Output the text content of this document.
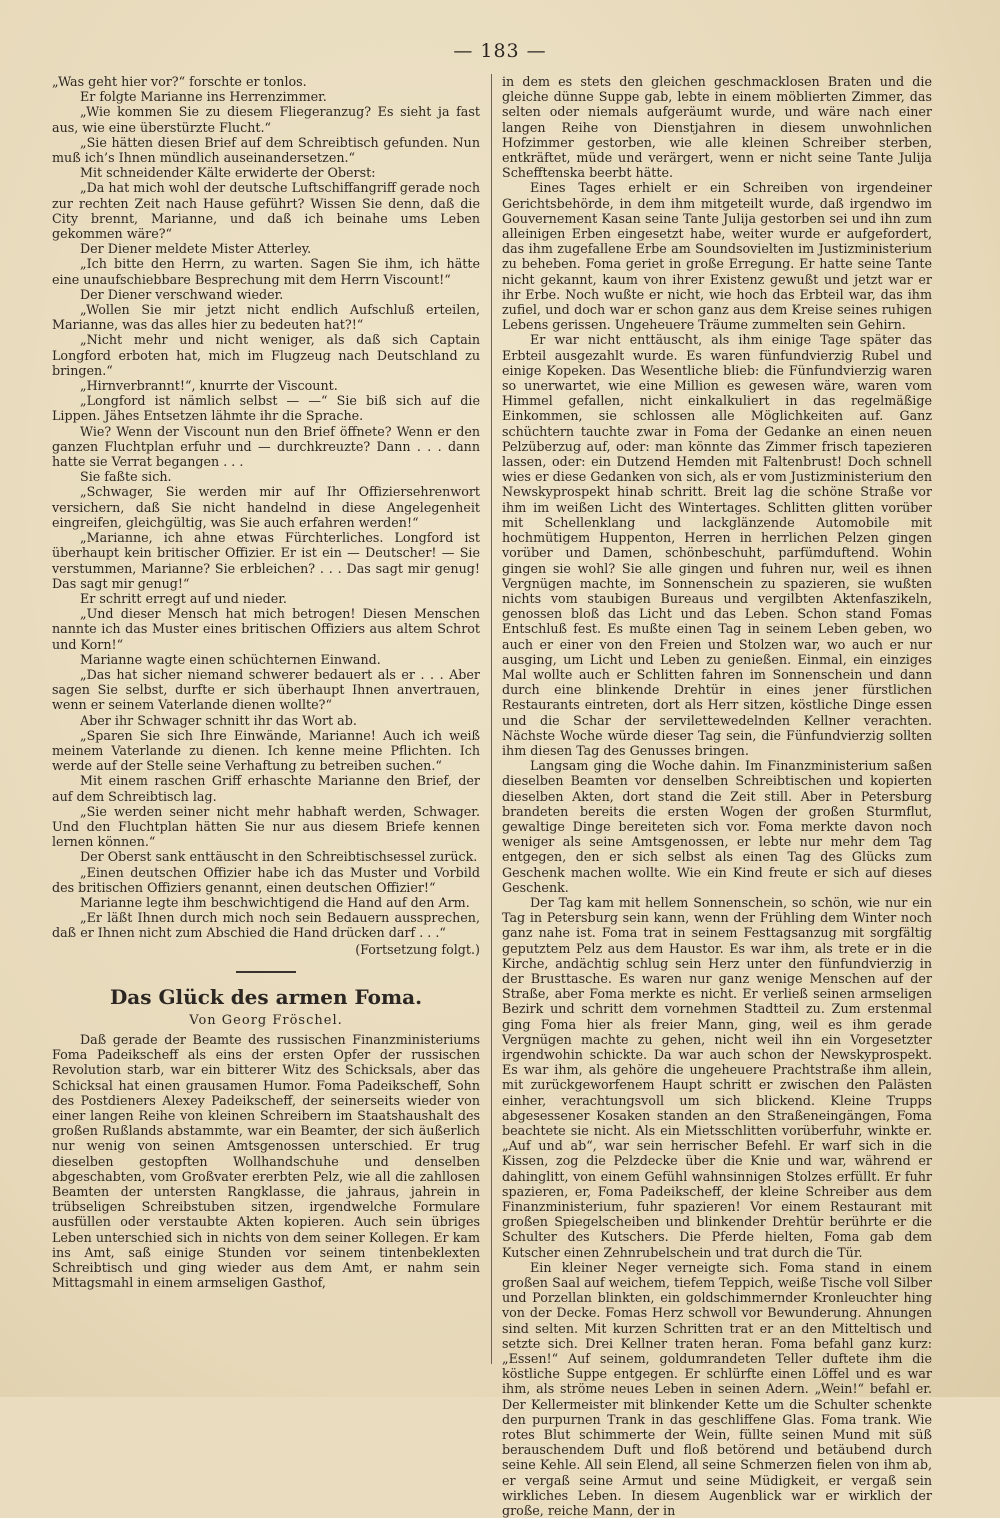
— 183 —

„Was geht hier vor?“ forschte er tonlos.

Er folgte Marianne ins Herrenzimmer.

„Wie kommen Sie zu diesem Fliegeranzug? Es sieht ja fast aus, wie eine überstürzte Flucht.“

„Sie hätten diesen Brief auf dem Schreibtisch gefunden. Nun muß ich’s Ihnen mündlich auseinandersetzen.“

Mit schneidender Kälte erwiderte der Oberst:

„Da hat mich wohl der deutsche Luftschiffangriff gerade noch zur rechten Zeit nach Hause geführt? Wissen Sie denn, daß die City brennt, Marianne, und daß ich beinahe ums Leben gekommen wäre?“

Der Diener meldete Mister Atterley.

„Ich bitte den Herrn, zu warten. Sagen Sie ihm, ich hätte eine unaufschiebbare Besprechung mit dem Herrn Viscount!“

Der Diener verschwand wieder.

„Wollen Sie mir jetzt nicht endlich Aufschluß erteilen, Marianne, was das alles hier zu bedeuten hat?!“

„Nicht mehr und nicht weniger, als daß sich Captain Longford erboten hat, mich im Flugzeug nach Deutschland zu bringen.“

„Hirnverbrannt!“, knurrte der Viscount.

„Longford ist nämlich selbst — —“ Sie biß sich auf die Lippen. Jähes Entsetzen lähmte ihr die Sprache.

Wie? Wenn der Viscount nun den Brief öffnete? Wenn er den ganzen Fluchtplan erfuhr und — durchkreuzte? Dann . . . dann hatte sie Verrat begangen . . .

Sie faßte sich.

„Schwager, Sie werden mir auf Ihr Offiziersehrenwort versichern, daß Sie nicht handelnd in diese Angelegenheit eingreifen, gleichgültig, was Sie auch erfahren werden!“

„Marianne, ich ahne etwas Fürchterliches. Longford ist überhaupt kein britischer Offizier. Er ist ein — Deutscher! — Sie verstummen, Marianne? Sie erbleichen? . . . Das sagt mir genug! Das sagt mir genug!“

Er schritt erregt auf und nieder.

„Und dieser Mensch hat mich betrogen! Diesen Menschen nannte ich das Muster eines britischen Offiziers aus altem Schrot und Korn!“

Marianne wagte einen schüchternen Einwand.

„Das hat sicher niemand schwerer bedauert als er . . . Aber sagen Sie selbst, durfte er sich überhaupt Ihnen anvertrauen, wenn er seinem Vaterlande dienen wollte?“

Aber ihr Schwager schnitt ihr das Wort ab.

„Sparen Sie sich Ihre Einwände, Marianne! Auch ich weiß meinem Vaterlande zu dienen. Ich kenne meine Pflichten. Ich werde auf der Stelle seine Verhaftung zu betreiben suchen.“

Mit einem raschen Griff erhaschte Marianne den Brief, der auf dem Schreibtisch lag.

„Sie werden seiner nicht mehr habhaft werden, Schwager. Und den Fluchtplan hätten Sie nur aus diesem Briefe kennen lernen können.“

Der Oberst sank enttäuscht in den Schreibtischsessel zurück.

„Einen deutschen Offizier habe ich das Muster und Vorbild des britischen Offiziers genannt, einen deutschen Offizier!“

Marianne legte ihm beschwichtigend die Hand auf den Arm.

„Er läßt Ihnen durch mich noch sein Bedauern aussprechen, daß er Ihnen nicht zum Abschied die Hand drücken darf . . .“

(Fortsetzung folgt.)
Das Glück des armen Foma.
Von Georg Fröschel.

Daß gerade der Beamte des russischen Finanzministeriums Foma Padeikscheff als eins der ersten Opfer der russischen Revolution starb, war ein bitterer Witz des Schicksals, aber das Schicksal hat einen grausamen Humor. Foma Padeikscheff, Sohn des Postdieners Alexey Padeikscheff, der seinerseits wieder von einer langen Reihe von kleinen Schreibern im Staatshaushalt des großen Rußlands abstammte, war ein Beamter, der sich äußerlich nur wenig von seinen Amtsgenossen unterschied. Er trug dieselben gestopften Wollhandschuhe und denselben abgeschabten, vom Großvater ererbten Pelz, wie all die zahllosen Beamten der untersten Rangklasse, die jahraus, jahrein in trübseligen Schreibstuben sitzen, irgendwelche Formulare ausfüllen oder verstaubte Akten kopieren. Auch sein übriges Leben unterschied sich in nichts von dem seiner Kollegen. Er kam ins Amt, saß einige Stunden vor seinem tintenbeklexten Schreibtisch und ging wieder aus dem Amt, er nahm sein Mittagsmahl in einem armseligen Gasthof,

in dem es stets den gleichen geschmacklosen Braten und die gleiche dünne Suppe gab, lebte in einem möblierten Zimmer, das selten oder niemals aufgeräumt wurde, und wäre nach einer langen Reihe von Dienstjahren in diesem unwohnlichen Hofzimmer gestorben, wie alle kleinen Schreiber sterben, entkräftet, müde und verärgert, wenn er nicht seine Tante Julija Schefftenska beerbt hätte.

Eines Tages erhielt er ein Schreiben von irgendeiner Gerichtsbehörde, in dem ihm mitgeteilt wurde, daß irgendwo im Gouvernement Kasan seine Tante Julija gestorben sei und ihn zum alleinigen Erben eingesetzt habe, weiter wurde er aufgefordert, das ihm zugefallene Erbe am Soundsovielten im Justizministerium zu beheben. Foma geriet in große Erregung. Er hatte seine Tante nicht gekannt, kaum von ihrer Existenz gewußt und jetzt war er ihr Erbe. Noch wußte er nicht, wie hoch das Erbteil war, das ihm zufiel, und doch war er schon ganz aus dem Kreise seines ruhigen Lebens gerissen. Ungeheuere Träume zummelten sein Gehirn.

Er war nicht enttäuscht, als ihm einige Tage später das Erbteil ausgezahlt wurde. Es waren fünfundvierzig Rubel und einige Kopeken. Das Wesentliche blieb: die Fünfundvierzig waren so unerwartet, wie eine Million es gewesen wäre, waren vom Himmel gefallen, nicht einkalkuliert in das regelmäßige Einkommen, sie schlossen alle Möglichkeiten auf. Ganz schüchtern tauchte zwar in Foma der Gedanke an einen neuen Pelzüberzug auf, oder: man könnte das Zimmer frisch tapezieren lassen, oder: ein Dutzend Hemden mit Faltenbrust! Doch schnell wies er diese Gedanken von sich, als er vom Justizministerium den Newskyprospekt hinab schritt. Breit lag die schöne Straße vor ihm im weißen Licht des Wintertages. Schlitten glitten vorüber mit Schellenklang und lackglänzende Automobile mit hochmütigem Huppenton, Herren in herrlichen Pelzen gingen vorüber und Damen, schönbeschuht, parfümduftend. Wohin gingen sie wohl? Sie alle gingen und fuhren nur, weil es ihnen Vergnügen machte, im Sonnenschein zu spazieren, sie wußten nichts vom staubigen Bureaus und vergilbten Aktenfaszikeln, genossen bloß das Licht und das Leben. Schon stand Fomas Entschluß fest. Es mußte einen Tag in seinem Leben geben, wo auch er einer von den Freien und Stolzen war, wo auch er nur ausging, um Licht und Leben zu genießen. Einmal, ein einziges Mal wollte auch er Schlitten fahren im Sonnenschein und dann durch eine blinkende Drehtür in eines jener fürstlichen Restaurants eintreten, dort als Herr sitzen, köstliche Dinge essen und die Schar der servilettewedelnden Kellner verachten. Nächste Woche würde dieser Tag sein, die Fünfundvierzig sollten ihm diesen Tag des Genusses bringen.

Langsam ging die Woche dahin. Im Finanzministerium saßen dieselben Beamten vor denselben Schreibtischen und kopierten dieselben Akten, dort stand die Zeit still. Aber in Petersburg brandeten bereits die ersten Wogen der großen Sturmflut, gewaltige Dinge bereiteten sich vor. Foma merkte davon noch weniger als seine Amtsgenossen, er lebte nur mehr dem Tag entgegen, den er sich selbst als einen Tag des Glücks zum Geschenk machen wollte. Wie ein Kind freute er sich auf dieses Geschenk.

Der Tag kam mit hellem Sonnenschein, so schön, wie nur ein Tag in Petersburg sein kann, wenn der Frühling dem Winter noch ganz nahe ist. Foma trat in seinem Festtagsanzug mit sorgfältig geputztem Pelz aus dem Haustor. Es war ihm, als trete er in die Kirche, andächtig schlug sein Herz unter den fünfundvierzig in der Brusttasche. Es waren nur ganz wenige Menschen auf der Straße, aber Foma merkte es nicht. Er verließ seinen armseligen Bezirk und schritt dem vornehmen Stadtteil zu. Zum erstenmal ging Foma hier als freier Mann, ging, weil es ihm gerade Vergnügen machte zu gehen, nicht weil ihn ein Vorgesetzter irgendwohin schickte. Da war auch schon der Newskyprospekt. Es war ihm, als gehöre die ungeheuere Prachtstraße ihm allein, mit zurückgeworfenem Haupt schritt er zwischen den Palästen einher, verachtungsvoll um sich blickend. Kleine Trupps abgesessener Kosaken standen an den Straßeneingängen, Foma beachtete sie nicht. Als ein Mietsschlitten vorüberfuhr, winkte er. „Auf und ab“, war sein herrischer Befehl. Er warf sich in die Kissen, zog die Pelzdecke über die Knie und war, während er dahinglitt, von einem Gefühl wahnsinnigen Stolzes erfüllt. Er fuhr spazieren, er, Foma Padeikscheff, der kleine Schreiber aus dem Finanzministerium, fuhr spazieren! Vor einem Restaurant mit großen Spiegelscheiben und blinkender Drehtür berührte er die Schulter des Kutschers. Die Pferde hielten, Foma gab dem Kutscher einen Zehnrubelschein und trat durch die Tür.

Ein kleiner Neger verneigte sich. Foma stand in einem großen Saal auf weichem, tiefem Teppich, weiße Tische voll Silber und Porzellan blinkten, ein goldschimmernder Kronleuchter hing von der Decke. Fomas Herz schwoll vor Bewunderung. Ahnungen sind selten. Mit kurzen Schritten trat er an den Mitteltisch und setzte sich. Drei Kellner traten heran. Foma befahl ganz kurz: „Essen!“ Auf seinem, goldumrandeten Teller duftete ihm die köstliche Suppe entgegen. Er schlürfte einen Löffel und es war ihm, als ströme neues Leben in seinen Adern. „Wein!“ befahl er. Der Kellermeister mit blinkender Kette um die Schulter schenkte den purpurnen Trank in das geschliffene Glas. Foma trank. Wie rotes Blut schimmerte der Wein, füllte seinen Mund mit süß berauschendem Duft und floß betörend und betäubend durch seine Kehle. All sein Elend, all seine Schmerzen fielen von ihm ab, er vergaß seine Armut und seine Müdigkeit, er vergaß sein wirkliches Leben. In diesem Augenblick war er wirklich der große, reiche Mann, der in
